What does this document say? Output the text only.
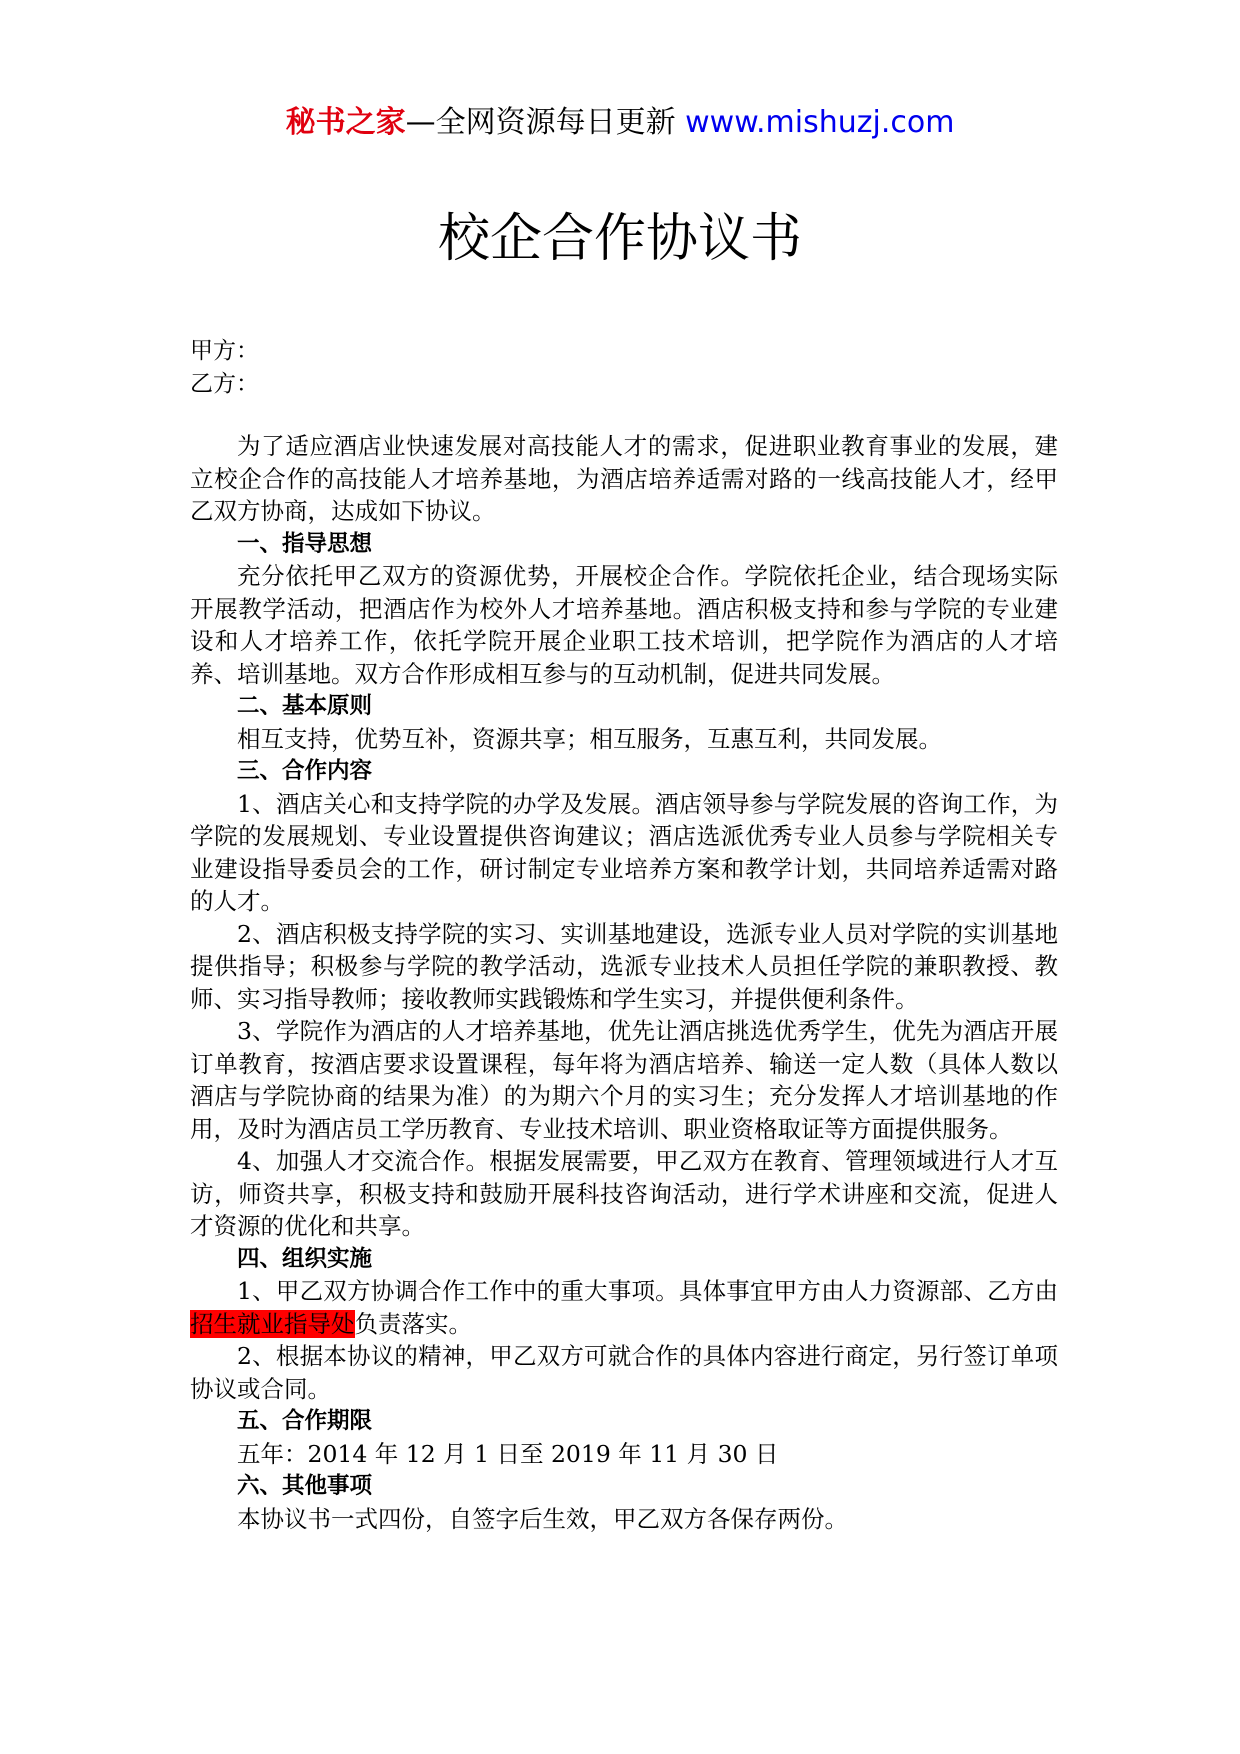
秘书之家—全网资源每日更新 www.mishuzj.com
校企合作协议书
甲方：
乙方：
为了适应酒店业快速发展对高技能人才的需求，促进职业教育事业的发展，建立校企合作的高技能人才培养基地，为酒店培养适需对路的一线高技能人才，经甲乙双方协商，达成如下协议。
一、指导思想
充分依托甲乙双方的资源优势，开展校企合作。学院依托企业，结合现场实际开展教学活动，把酒店作为校外人才培养基地。酒店积极支持和参与学院的专业建设和人才培养工作，依托学院开展企业职工技术培训，把学院作为酒店的人才培养、培训基地。双方合作形成相互参与的互动机制，促进共同发展。
二、基本原则
相互支持，优势互补，资源共享；相互服务，互惠互利，共同发展。
三、合作内容
1、酒店关心和支持学院的办学及发展。酒店领导参与学院发展的咨询工作，为学院的发展规划、专业设置提供咨询建议；酒店选派优秀专业人员参与学院相关专业建设指导委员会的工作，研讨制定专业培养方案和教学计划，共同培养适需对路的人才。
2、酒店积极支持学院的实习、实训基地建设，选派专业人员对学院的实训基地提供指导；积极参与学院的教学活动，选派专业技术人员担任学院的兼职教授、教师、实习指导教师；接收教师实践锻炼和学生实习，并提供便利条件。
3、学院作为酒店的人才培养基地，优先让酒店挑选优秀学生，优先为酒店开展订单教育，按酒店要求设置课程，每年将为酒店培养、输送一定人数（具体人数以酒店与学院协商的结果为准）的为期六个月的实习生；充分发挥人才培训基地的作用，及时为酒店员工学历教育、专业技术培训、职业资格取证等方面提供服务。
4、加强人才交流合作。根据发展需要，甲乙双方在教育、管理领域进行人才互访，师资共享，积极支持和鼓励开展科技咨询活动，进行学术讲座和交流，促进人才资源的优化和共享。
四、组织实施
1、甲乙双方协调合作工作中的重大事项。具体事宜甲方由人力资源部、乙方由招生就业指导处负责落实。
2、根据本协议的精神，甲乙双方可就合作的具体内容进行商定，另行签订单项协议或合同。
五、合作期限
五年：2014 年 12 月 1 日至 2019 年 11 月 30 日
六、其他事项
本协议书一式四份，自签字后生效，甲乙双方各保存两份。
